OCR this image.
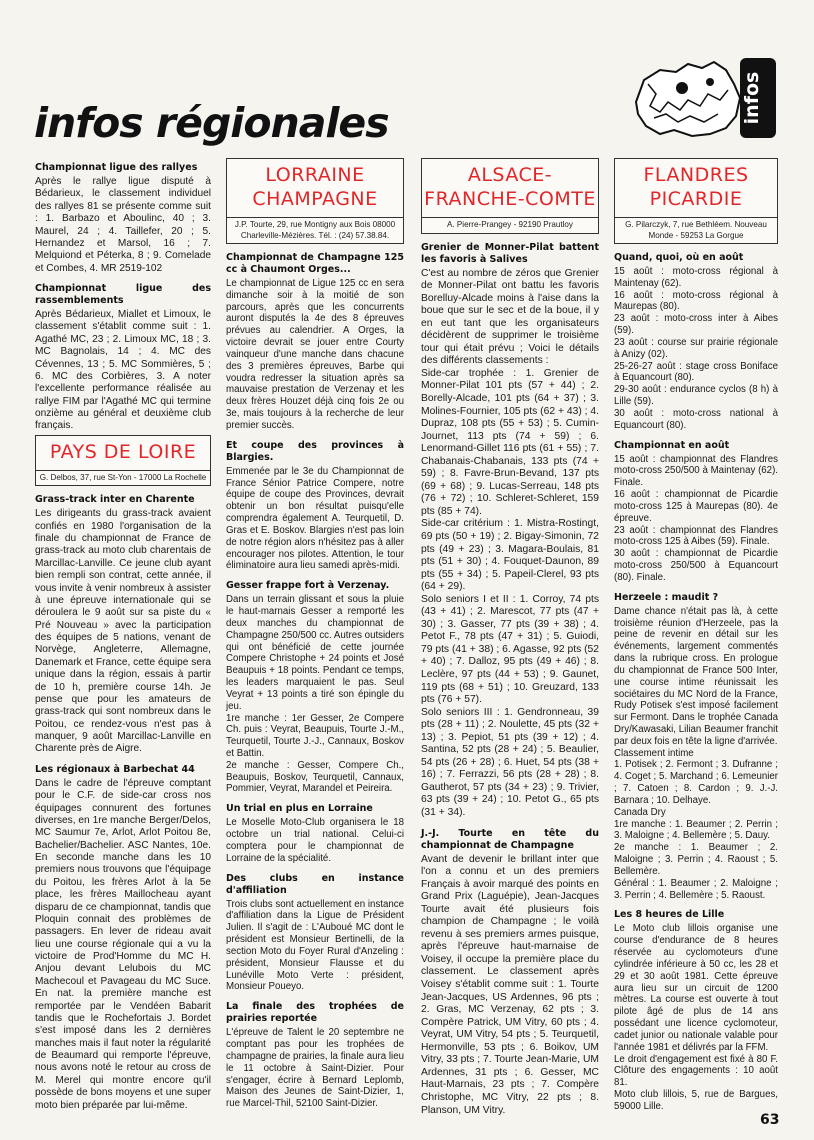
infos régionales	infos
Championnat ligue des rallyes
Après le rallye ligue disputé à Bédarieux, le classement individuel des rallyes 81 se présente comme suit : 1. Barbazo et Aboulinc, 40 ; 3. Maurel, 24 ; 4. Taillefer, 20 ; 5. Hernandez et Marsol, 16 ; 7. Melquiond et Péterka, 8 ; 9. Comelade et Combes, 4. MR 2519-102
Championnat ligue des rassemblements
Après Bédarieux, Miallet et Limoux, le classement s'établit comme suit : 1. Agathé MC, 23 ; 2. Limoux MC, 18 ; 3. MC Bagnolais, 14 ; 4. MC des Cévennes, 13 ; 5. MC Sommières, 5 ; 6. MC des Corbières, 3. A noter l'excellente performance réalisée au rallye FIM par l'Agathé MC qui termine onzième au général et deuxième club français.
PAYS DE LOIRE
G. Delbos, 37, rue St-Yon - 17000 La Rochelle
Grass-track inter en Charente
Les dirigeants du grass-track avaient confiés en 1980 l'organisation de la finale du championnat de France de grass-track au moto club charentais de Marcillac-Lanville. Ce jeune club ayant bien rempli son contrat, cette année, il vous invite à venir nombreux à assister à une épreuve internationale qui se déroulera le 9 août sur sa piste du « Pré Nouveau » avec la participation des équipes de 5 nations, venant de Norvège, Angleterre, Allemagne, Danemark et France, cette équipe sera unique dans la région, essais à partir de 10 h, première course 14h. Je pense que pour les amateurs de grass-track qui sont nombreux dans le Poitou, ce rendez-vous n'est pas à manquer, 9 août Marcillac-Lanville en Charente près de Aigre.
Les régionaux à Barbechat 44
Dans le cadre de l'épreuve comptant pour le C.F. de side-car cross nos équipages connurent des fortunes diverses, en 1re manche Berger/Delos, MC Saumur 7e, Arlot, Arlot Poitou 8e, Bachelier/Bachelier. ASC Nantes, 10e. En seconde manche dans les 10 premiers nous trouvons que l'équipage du Poitou, les frères Arlot à la 5e place, les frères Maillocheau ayant disparu de ce championnat, tandis que Ploquin connait des problèmes de passagers. En lever de rideau avait lieu une course régionale qui a vu la victoire de Prod'Homme du MC H. Anjou devant Lelubois du MC Machecoul et Pavageau du MC Suce. En nat. la première manche est remportée par le Vendéen Babarit tandis que le Rochefortais J. Bordet s'est imposé dans les 2 dernières manches mais il faut noter la régularité de Beaumard qui remporte l'épreuve, nous avons noté le retour au cross de M. Merel qui montre encore qu'il possède de bons moyens et une super moto bien préparée par lui-même.
LORRAINE CHAMPAGNE
J.P. Tourte, 29, rue Montigny aux Bois 08000 Charleville-Mézières. Tél. : (24) 57.38.84.
Championnat de Champagne 125 cc à Chaumont Orges...
Le championnat de Ligue 125 cc en sera dimanche soir à la moitié de son parcours, après que les concurrents auront disputés la 4e des 8 épreuves prévues au calendrier. A Orges, la victoire devrait se jouer entre Courty vainqueur d'une manche dans chacune des 3 premières épreuves, Barbe qui voudra redresser la situation après sa mauvaise prestation de Verzenay et les deux frères Houzet déjà cinq fois 2e ou 3e, mais toujours à la recherche de leur premier succès.
Et coupe des provinces à Blargies.
Emmenée par le 3e du Championnat de France Sénior Patrice Compere, notre équipe de coupe des Provinces, devrait obtenir un bon résultat puisqu'elle comprendra également A. Teurquetil, D. Gras et E. Boskov. Blargies n'est pas loin de notre région alors n'hésitez pas à aller encourager nos pilotes. Attention, le tour éliminatoire aura lieu samedi après-midi.
Gesser frappe fort à Verzenay.
Dans un terrain glissant et sous la pluie le haut-marnais Gesser a remporté les deux manches du championnat de Champagne 250/500 cc. Autres outsiders qui ont bénéficié de cette journée Compere Christophe + 24 points et José Beaupuis + 18 points. Pendant ce temps, les leaders marquaient le pas. Seul Veyrat + 13 points a tiré son épingle du jeu.
1re manche : 1er Gesser, 2e Compere Ch. puis : Veyrat, Beaupuis, Tourte J.-M., Teurquetil, Tourte J.-J., Cannaux, Boskov et Battin.
2e manche : Gesser, Compere Ch., Beaupuis, Boskov, Teurquetil, Cannaux, Pommier, Veyrat, Marandel et Peireira.
Un trial en plus en Lorraine
Le Moselle Moto-Club organisera le 18 octobre un trial national. Celui-ci comptera pour le championnat de Lorraine de la spécialité.
Des clubs en instance d'affiliation
Trois clubs sont actuellement en instance d'affiliation dans la Ligue de Président Julien. Il s'agit de : L'Auboué MC dont le président est Monsieur Bertinelli, de la section Moto du Foyer Rural d'Anzeling : président, Monsieur Flausse et du Lunéville Moto Verte : président, Monsieur Poueyo.
La finale des trophées de prairies reportée
L'épreuve de Talent le 20 septembre ne comptant pas pour les trophées de champagne de prairies, la finale aura lieu le 11 octobre à Saint-Dizier. Pour s'engager, écrire à Bernard Leplomb, Maison des Jeunes de Saint-Dizier, 1, rue Marcel-Thil, 52100 Saint-Dizier.
ALSACE-FRANCHE-COMTE
A. Pierre-Prangey - 92190 Prautloy
Grenier de Monner-Pilat battent les favoris à Salives
C'est au nombre de zéros que Grenier de Monner-Pilat ont battu les favoris Borelluy-Alcade moins à l'aise dans la boue que sur le sec et de la boue, il y en eut tant que les organisateurs décidèrent de supprimer le troisième tour qui était prévu ; Voici le détails des différents classements :
Side-car trophée : 1. Grenier de Monner-Pilat 101 pts (57 + 44) ; 2. Borelly-Alcade, 101 pts (64 + 37) ; 3. Molines-Fournier, 105 pts (62 + 43) ; 4. Dupraz, 108 pts (55 + 53) ; 5. Cumin-Journet, 113 pts (74 + 59) ; 6. Lenormand-Gillet 116 pts (61 + 55) ; 7. Chabanais-Chabanais, 133 pts (74 + 59) ; 8. Favre-Brun-Bevand, 137 pts (69 + 68) ; 9. Lucas-Serreau, 148 pts (76 + 72) ; 10. Schleret-Schleret, 159 pts (85 + 74).
Side-car critérium : 1. Mistra-Rostingt, 69 pts (50 + 19) ; 2. Bigay-Simonin, 72 pts (49 + 23) ; 3. Magara-Boulais, 81 pts (51 + 30) ; 4. Fouquet-Daunon, 89 pts (55 + 34) ; 5. Papeil-Clerel, 93 pts (64 + 29).
Solo seniors I et II : 1. Corroy, 74 pts (43 + 41) ; 2. Marescot, 77 pts (47 + 30) ; 3. Gasser, 77 pts (39 + 38) ; 4. Petot F., 78 pts (47 + 31) ; 5. Guiodi, 79 pts (41 + 38) ; 6. Agasse, 92 pts (52 + 40) ; 7. Dalloz, 95 pts (49 + 46) ; 8. Leclère, 97 pts (44 + 53) ; 9. Gaunet, 119 pts (68 + 51) ; 10. Greuzard, 133 pts (76 + 57).
Solo seniors III : 1. Gendronneau, 39 pts (28 + 11) ; 2. Noulette, 45 pts (32 + 13) ; 3. Pepiot, 51 pts (39 + 12) ; 4. Santina, 52 pts (28 + 24) ; 5. Beaulier, 54 pts (26 + 28) ; 6. Huet, 54 pts (38 + 16) ; 7. Ferrazzi, 56 pts (28 + 28) ; 8. Gautherot, 57 pts (34 + 23) ; 9. Trivier, 63 pts (39 + 24) ; 10. Petot G., 65 pts (31 + 34).
J.-J. Tourte en tête du championnat de Champagne
Avant de devenir le brillant inter que l'on a connu et un des premiers Français à avoir marqué des points en Grand Prix (Laguépie), Jean-Jacques Tourte avait été plusieurs fois champion de Champagne ; le voilà revenu à ses premiers armes puisque, après l'épreuve haut-marnaise de Voisey, il occupe la première place du classement. Le classement après Voisey s'établit comme suit : 1. Tourte Jean-Jacques, US Ardennes, 96 pts ; 2. Gras, MC Verzenay, 62 pts ; 3. Compère Patrick, UM Vitry, 60 pts ; 4. Veyrat, UM Vitry, 54 pts ; 5. Teurquetil, Hermonville, 53 pts ; 6. Boikov, UM Vitry, 33 pts ; 7. Tourte Jean-Marie, UM Ardennes, 31 pts ; 6. Gesser, MC Haut-Marnais, 23 pts ; 7. Compère Christophe, MC Vitry, 22 pts ; 8. Planson, UM Vitry.
FLANDRES PICARDIE
G. Pilarczyk, 7, rue Bethléem. Nouveau Monde - 59253 La Gorgue
Quand, quoi, où en août
15 août : moto-cross régional à Maintenay (62).
16 août : moto-cross régional à Maurepas (80).
23 août : moto-cross inter à Aibes (59).
23 août : course sur prairie régionale à Anizy (02).
25-26-27 août : stage cross Boniface à Equancourt (80).
29-30 août : endurance cyclos (8 h) à Lille (59).
30 août : moto-cross national à Equancourt (80).
Championnat en août
15 août : championnat des Flandres moto-cross 250/500 à Maintenay (62). Finale.
16 août : championnat de Picardie moto-cross 125 à Maurepas (80). 4e épreuve.
23 août : championnat des Flandres moto-cross 125 à Aibes (59). Finale.
30 août : championnat de Picardie moto-cross 250/500 à Equancourt (80). Finale.
Herzeele : maudit ?
Dame chance n'était pas là, à cette troisième réunion d'Herzeele, pas la peine de revenir en détail sur les événements, largement commentés dans la rubrique cross. En prologue du championnat de France 500 Inter, une course intime réunissait les sociétaires du MC Nord de la France, Rudy Potisek s'est imposé facilement sur Fermont. Dans le trophée Canada Dry/Kawasaki, Lilian Beaumer franchit par deux fois en tête la ligne d'arrivée.
Classement intime
1. Potisek ; 2. Fermont ; 3. Dufranne ; 4. Coget ; 5. Marchand ; 6. Lemeunier ; 7. Catoen ; 8. Cardon ; 9. J.-J. Barnara ; 10. Delhaye.
Canada Dry
1re manche : 1. Beaumer ; 2. Perrin ; 3. Maloigne ; 4. Bellemère ; 5. Dauy.
2e manche : 1. Beaumer ; 2. Maloigne ; 3. Perrin ; 4. Raoust ; 5. Bellemère.
Général : 1. Beaumer ; 2. Maloigne ; 3. Perrin ; 4. Bellemère ; 5. Raoust.
Les 8 heures de Lille
Le Moto club lillois organise une course d'endurance de 8 heures réservée au cyclomoteurs d'une cylindrée inférieure à 50 cc, les 28 et 29 et 30 août 1981. Cette épreuve aura lieu sur un circuit de 1200 mètres. La course est ouverte à tout pilote âgé de plus de 14 ans possédant une licence cyclomoteur, cadet junior ou nationale valable pour l'année 1981 et délivrés par la FFM.
Le droit d'engagement est fixé à 80 F. Clôture des engagements : 10 août 81.
Moto club lillois, 5, rue de Bargues, 59000 Lille.
63
